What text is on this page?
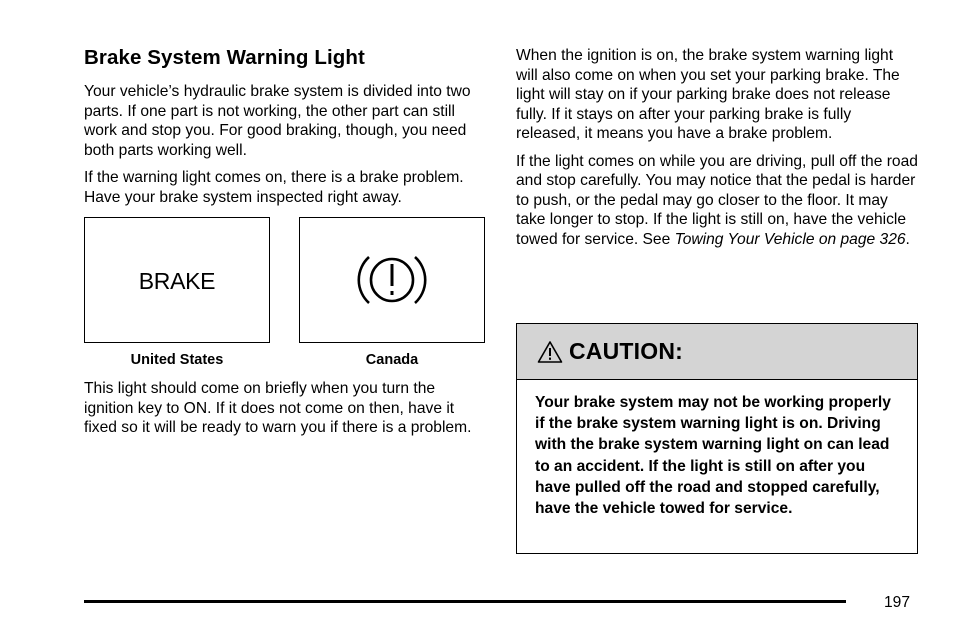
Brake System Warning Light

Your vehicle’s hydraulic brake system is divided into two parts. If one part is not working, the other part can still work and stop you. For good braking, though, you need both parts working well.

If the warning light comes on, there is a brake problem. Have your brake system inspected right away.

BRAKE
United States	Canada

This light should come on briefly when you turn the ignition key to ON. If it does not come on then, have it fixed so it will be ready to warn you if there is a problem.

When the ignition is on, the brake system warning light will also come on when you set your parking brake. The light will stay on if your parking brake does not release fully. If it stays on after your parking brake is fully released, it means you have a brake problem.

If the light comes on while you are driving, pull off the road and stop carefully. You may notice that the pedal is harder to push, or the pedal may go closer to the floor. It may take longer to stop. If the light is still on, have the vehicle towed for service. See Towing Your Vehicle on page 326.

CAUTION:
Your brake system may not be working properly if the brake system warning light is on. Driving with the brake system warning light on can lead to an accident. If the light is still on after you have pulled off the road and stopped carefully, have the vehicle towed for service.
197
